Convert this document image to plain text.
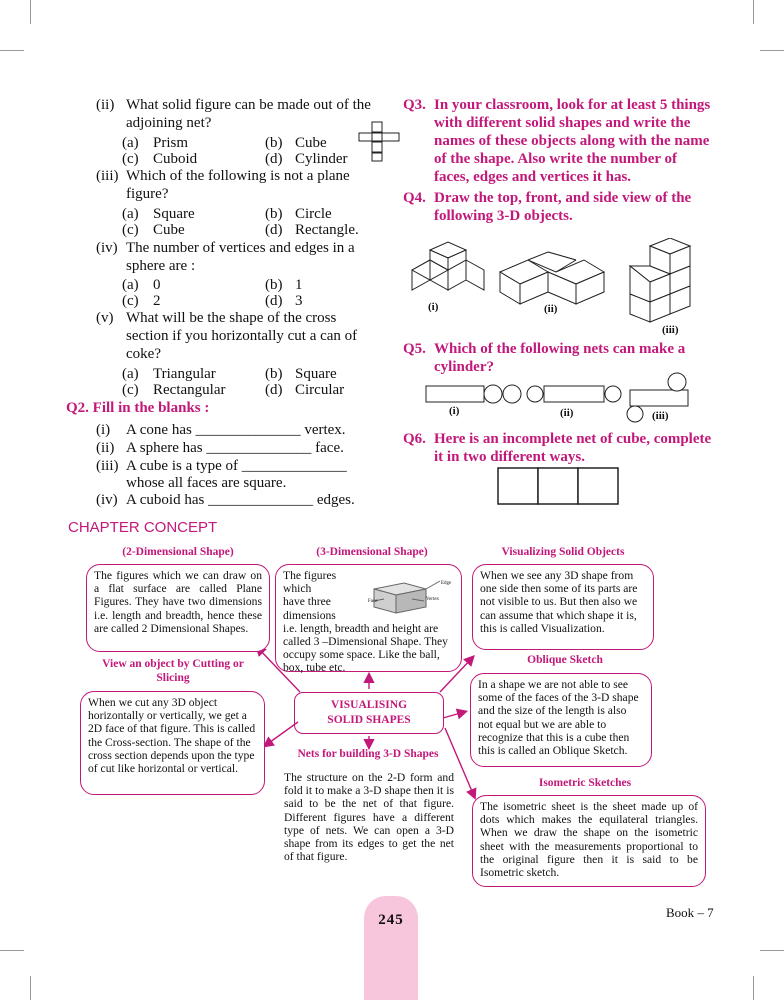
(ii) What solid figure can be made out of the
adjoining net?
(a) Prism	(b) Cube
(c) Cuboid	(d) Cylinder
(iii) Which of the following is not a plane
figure?
(a) Square	(b) Circle
(c) Cube	(d) Rectangle.
(iv) The number of vertices and edges in a
sphere are :
(a) 0	(b) 1
(c) 2	(d) 3
(v) What will be the shape of the cross
section if you horizontally cut a can of
coke?
(a) Triangular	(b) Square
(c) Rectangular	(d) Circular
Q2. Fill in the blanks :
(i) A cone has ______________ vertex.
(ii) A sphere has ______________ face.
(iii) A cube is a type of ______________
whose all faces are square.
(iv) A cuboid has ______________ edges.
Q3. In your classroom, look for at least 5 things
with different solid shapes and write the
names of these objects along with the name
of the shape. Also write the number of
faces, edges and vertices it has.
Q4. Draw the top, front, and side view of the
following 3-D objects.
(i)	(ii)
(iii)
Q5. Which of the following nets can make a
cylinder?
(i)	(ii)	(iii)
Q6. Here is an incomplete net of cube, complete
it in two different ways.
CHAPTER CONCEPT
(2-Dimensional Shape)
The figures which we can draw on a flat surface are called Plane Figures. They have two dimensions i.e. length and breadth, hence these are called 2 Dimensional Shapes.
(3-Dimensional Shape)
The figures
which
have three
dimensions
i.e. length, breadth and height are called 3 –Dimensional Shape. They occupy some space. Like the ball, box, tube etc.
Edge
Vertex
Face
Visualizing Solid Objects
When we see any 3D shape from one side then some of its parts are not visible to us. But then also we can assume that which shape it is, this is called Visualization.
View an object by Cutting or Slicing
When we cut any 3D object horizontally or vertically, we get a 2D face of that figure. This is called the Cross-section. The shape of the cross section depends upon the type of cut like horizontal or vertical.
VISUALISING
SOLID SHAPES
Nets for building 3-D Shapes
The structure on the 2-D form and fold it to make a 3-D shape then it is said to be the net of that figure. Different figures have a different type of nets. We can open a 3-D shape from its edges to get the net of that figure.
Oblique Sketch
In a shape we are not able to see some of the faces of the 3-D shape and the size of the length is also not equal but we are able to recognize that this is a cube then this is called an Oblique Sketch.
Isometric Sketches
The isometric sheet is the sheet made up of dots which makes the equilateral triangles. When we draw the shape on the isometric sheet with the measurements proportional to the original figure then it is said to be Isometric sketch.
245	Book – 7
